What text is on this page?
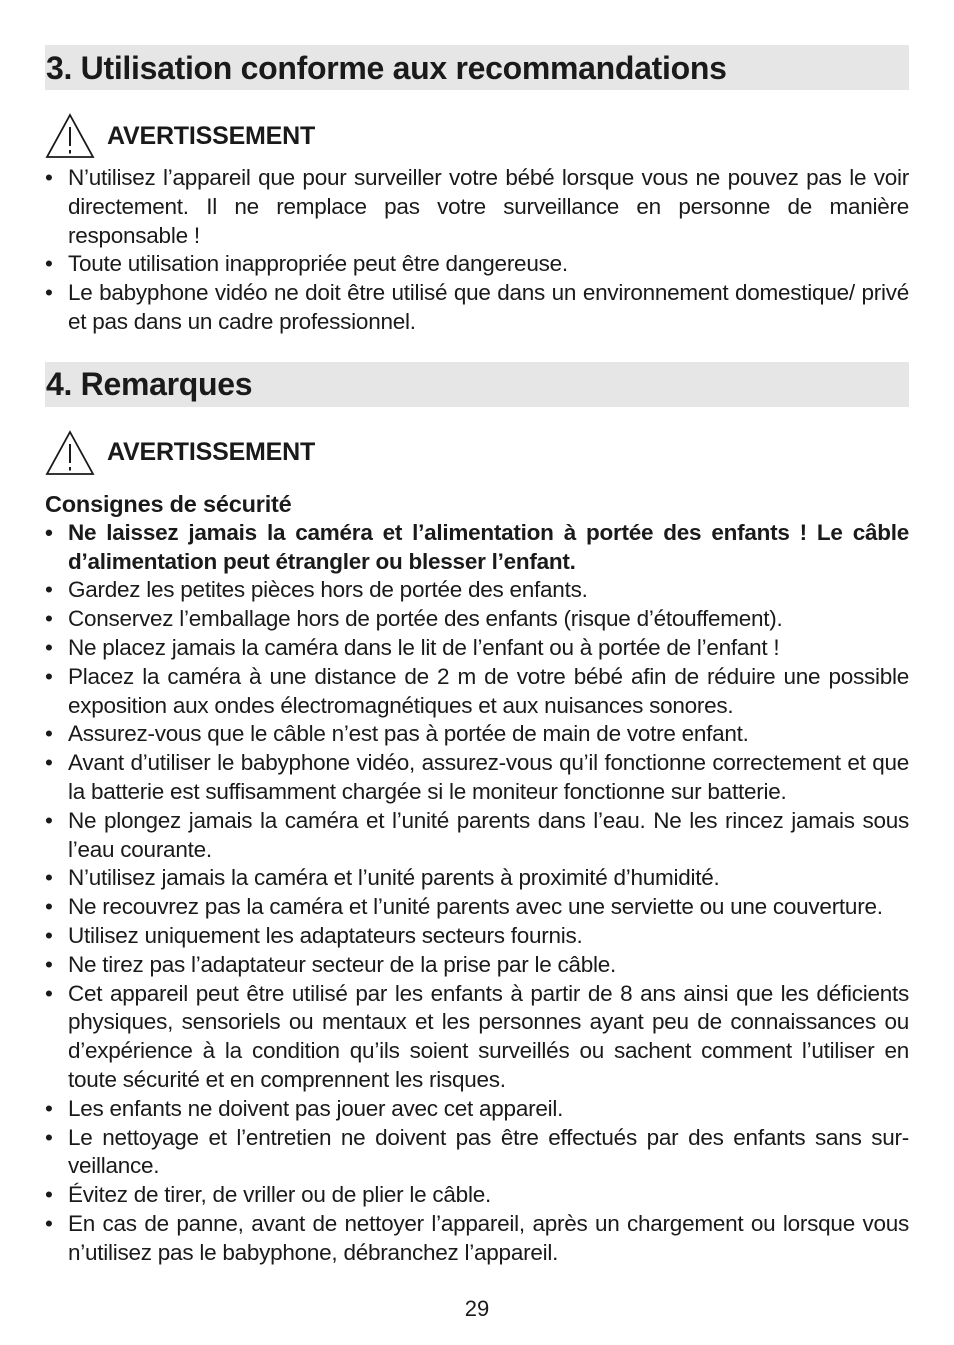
3. Utilisation conforme aux recommandations
AVERTISSEMENT
• N’utilisez l’appareil que pour surveiller votre bébé lorsque vous ne pouvez pas le voir directement. Il ne remplace pas votre surveillance en personne de manière responsable !
• Toute utilisation inappropriée peut être dangereuse.
• Le babyphone vidéo ne doit être utilisé que dans un environnement domestique/ privé et pas dans un cadre professionnel.
4. Remarques
AVERTISSEMENT
Consignes de sécurité
• Ne laissez jamais la caméra et l’alimentation à portée des enfants ! Le câble d’alimentation peut étrangler ou blesser l’enfant.
• Gardez les petites pièces hors de portée des enfants.
• Conservez l’emballage hors de portée des enfants (risque d’étouffement).
• Ne placez jamais la caméra dans le lit de l’enfant ou à portée de l’enfant !
• Placez la caméra à une distance de 2 m de votre bébé afin de réduire une possible exposition aux ondes électromagnétiques et aux nuisances sonores.
• Assurez-vous que le câble n’est pas à portée de main de votre enfant.
• Avant d’utiliser le babyphone vidéo, assurez-vous qu’il fonctionne correctement et que la batterie est suffisamment chargée si le moniteur fonctionne sur batterie.
• Ne plongez jamais la caméra et l’unité parents dans l’eau. Ne les rincez jamais sous l’eau courante.
• N’utilisez jamais la caméra et l’unité parents à proximité d’humidité.
• Ne recouvrez pas la caméra et l’unité parents avec une serviette ou une couverture.
• Utilisez uniquement les adaptateurs secteurs fournis.
• Ne tirez pas l’adaptateur secteur de la prise par le câble.
• Cet appareil peut être utilisé par les enfants à partir de 8 ans ainsi que les déficients physiques, sensoriels ou mentaux et les personnes ayant peu de connaissances ou d’expérience à la condition qu’ils soient surveillés ou sachent comment l’utiliser en toute sécurité et en comprennent les risques.
• Les enfants ne doivent pas jouer avec cet appareil.
• Le nettoyage et l’entretien ne doivent pas être effectués par des enfants sans sur- veillance.
• Évitez de tirer, de vriller ou de plier le câble.
• En cas de panne, avant de nettoyer l’appareil, après un chargement ou lorsque vous n’utilisez pas le babyphone, débranchez l’appareil.
29
